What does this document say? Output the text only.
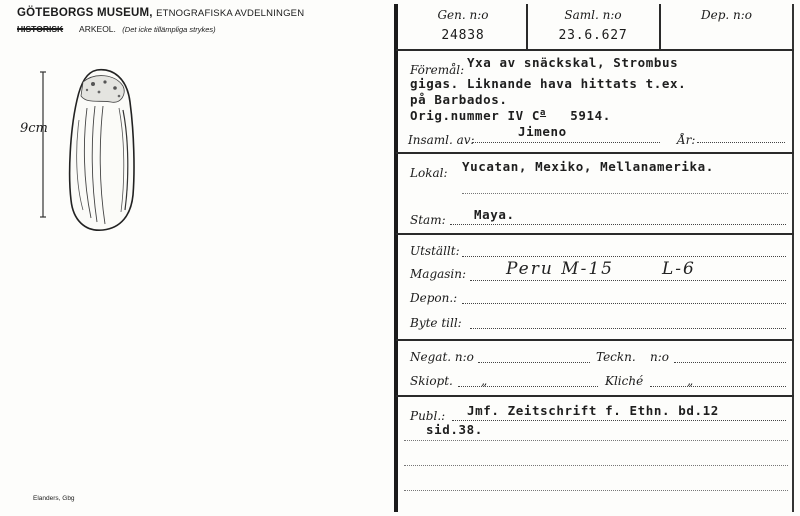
GÖTEBORGS MUSEUM, ETNOGRAFISKA AVDELNINGEN
HISTORISK ARKEOL. (Det icke tillämpliga strykes)
9cm
Elanders, Gbg
Gen. n:o
24838
Saml. n:o
23.6.627
Dep. n:o
Föremål: Yxa av snäckskal, Strombus
gigas. Liknande hava hittats t.ex.
på Barbados.
Orig.nummer IV $C^a$ 5914.
Insaml. av:
Jimeno
År:
Lokal: Yucatan, Mexiko, Mellanamerika.
Stam: Maya.
Utställt:
Magasin: Peru M-15	L-6
Depon.:
Byte till:
Negat. n:o	Teckn. n:o
Skiopt. „	Kliché	„
Publ.: Jmf. Zeitschrift f. Ethn. bd.12
sid.38.
